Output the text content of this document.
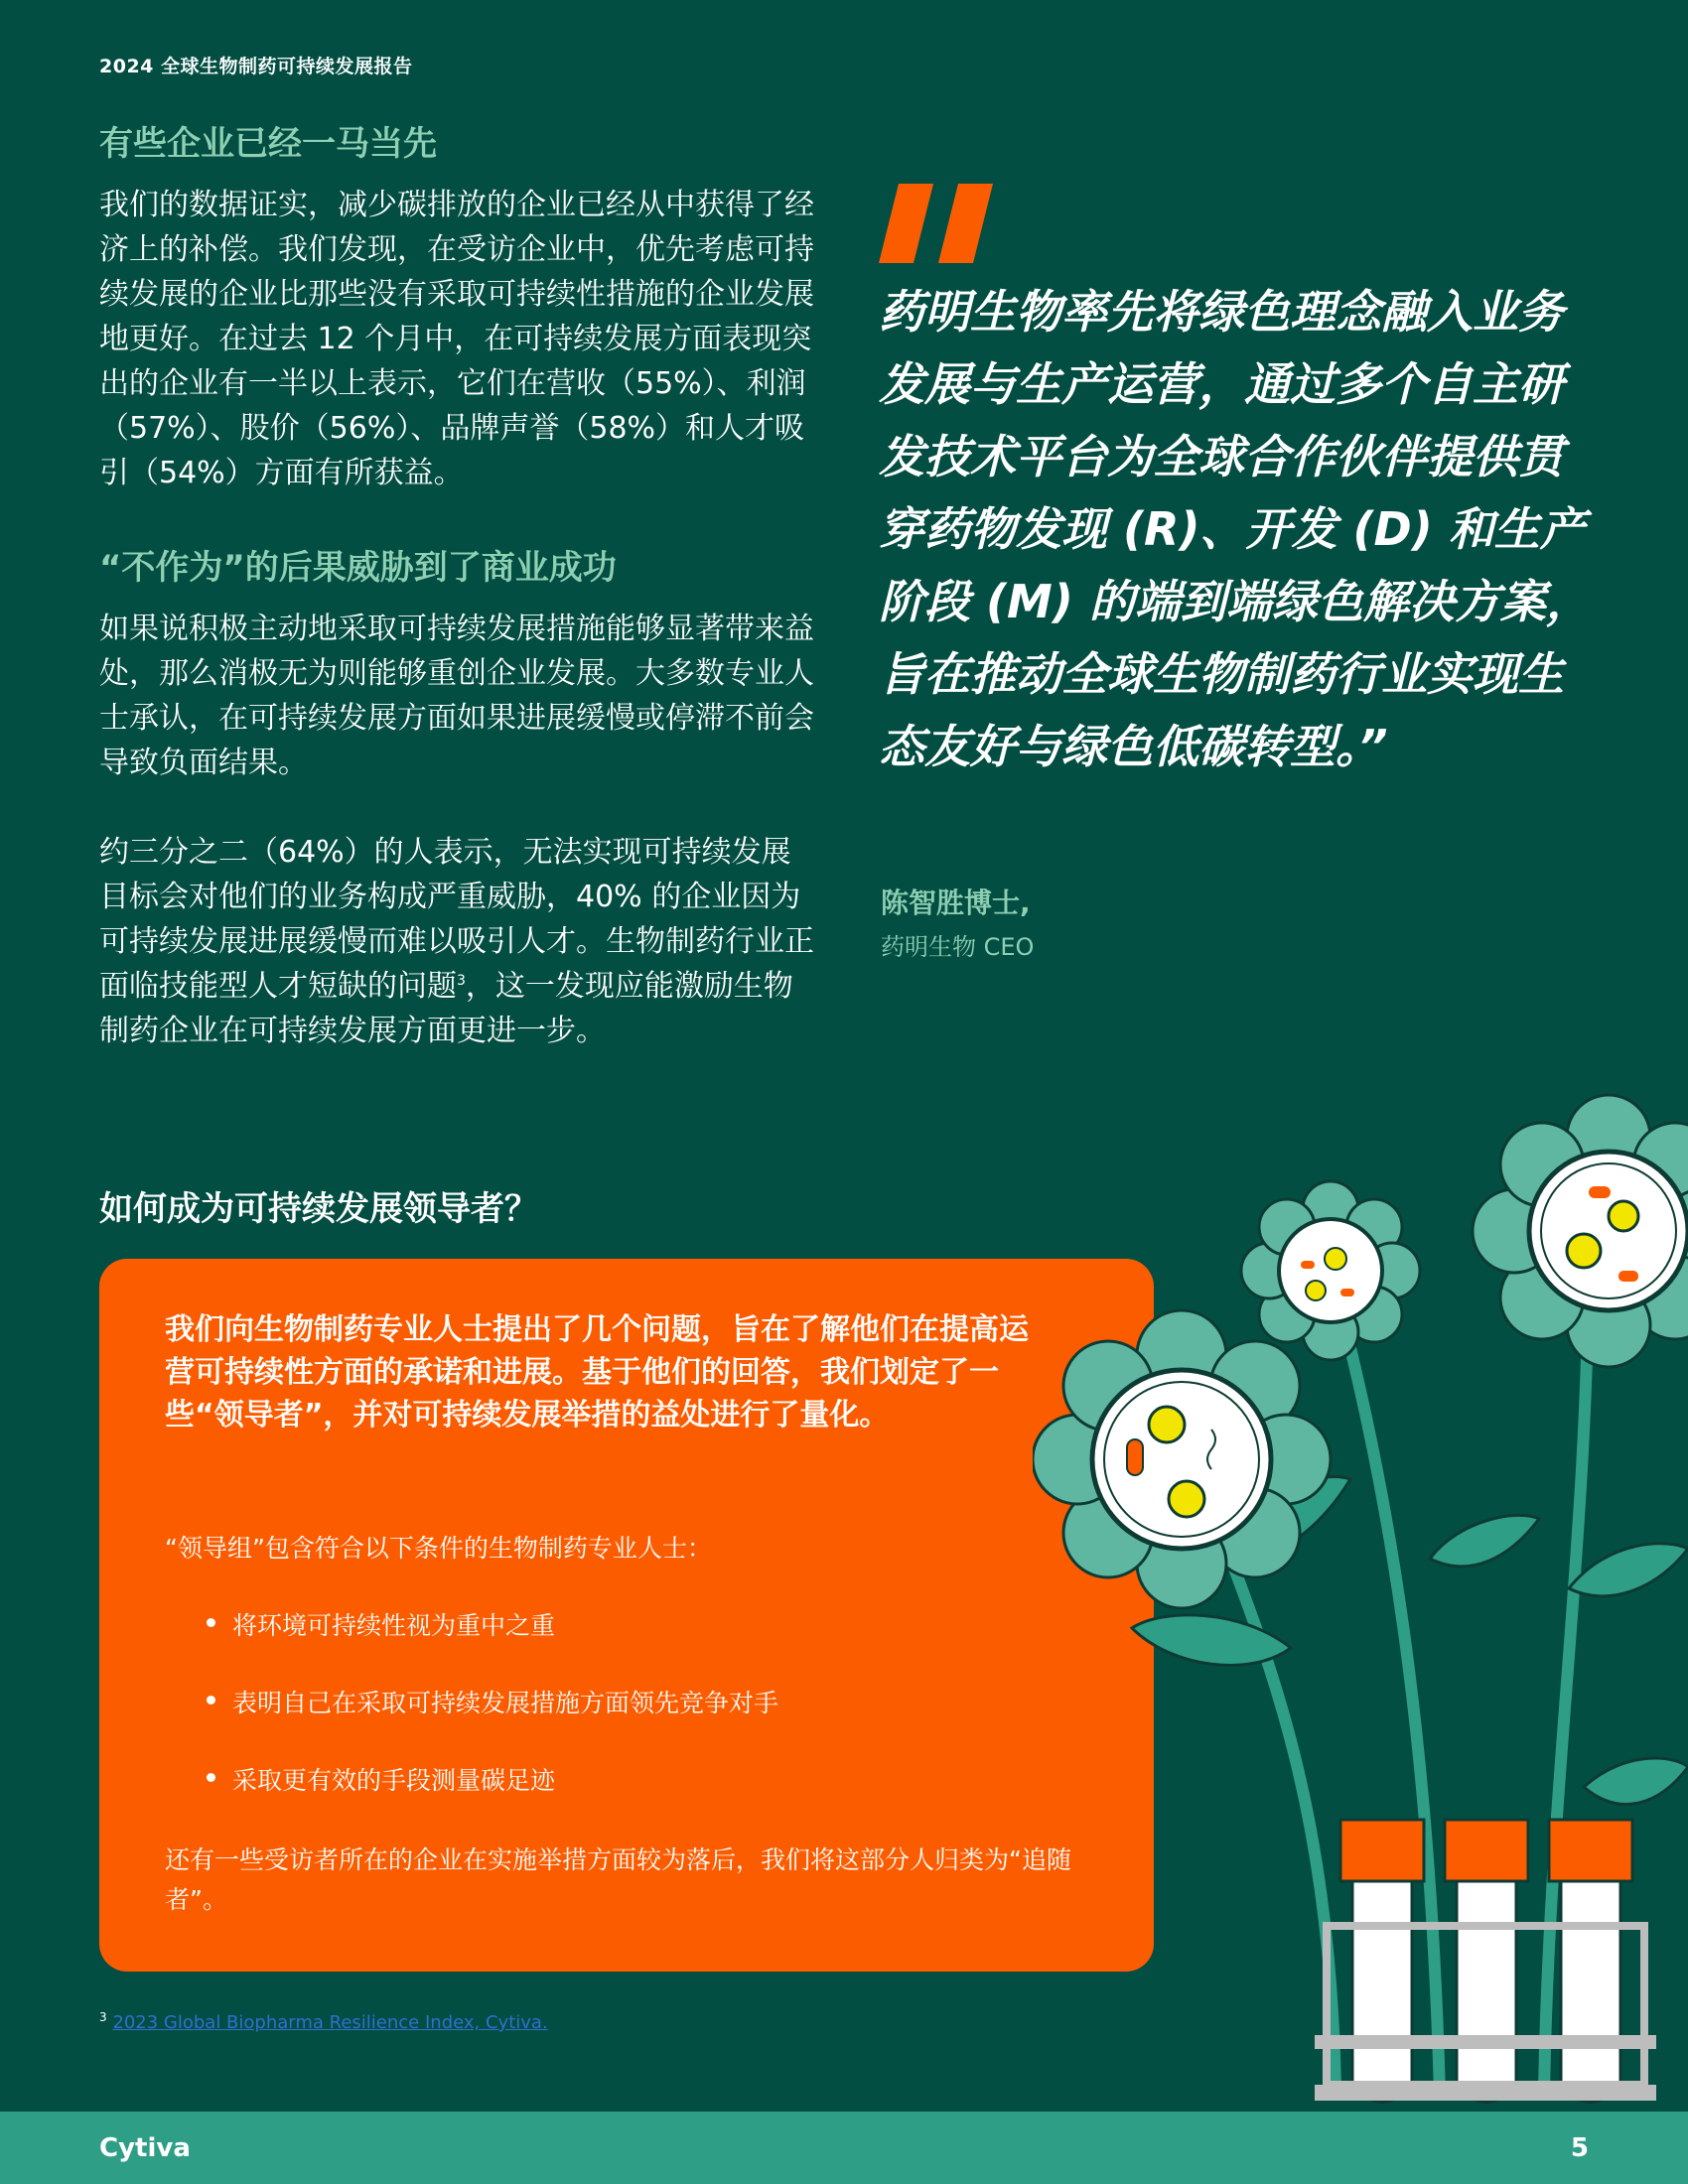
2024 全球生物制药可持续发展报告
有些企业已经一马当先

我们的数据证实，减少碳排放的企业已经从中获得了经济上的补偿。我们发现，在受访企业中，优先考虑可持续发展的企业比那些没有采取可持续性措施的企业发展地更好。在过去 12 个月中，在可持续发展方面表现突出的企业有一半以上表示，它们在营收（55%）、利润（57%）、股价（56%）、品牌声誉（58%）和人才吸引（54%）方面有所获益。

“不作为”的后果威胁到了商业成功

如果说积极主动地采取可持续发展措施能够显著带来益处，那么消极无为则能够重创企业发展。大多数专业人士承认，在可持续发展方面如果进展缓慢或停滞不前会导致负面结果。

约三分之二（64%）的人表示，无法实现可持续发展目标会对他们的业务构成严重威胁，40% 的企业因为可持续发展进展缓慢而难以吸引人才。生物制药行业正面临技能型人才短缺的问题$^3$，这一发现应能激励生物制药企业在可持续发展方面更进一步。

药明生物率先将绿色理念融入业务发展与生产运营，通过多个自主研发技术平台为全球合作伙伴提供贯穿药物发现 (R)、开发 (D) 和生产阶段 (M) 的端到端绿色解决方案，旨在推动全球生物制药行业实现生态友好与绿色低碳转型。”
陈智胜博士,
药明生物 CEO
如何成为可持续发展领导者？
我们向生物制药专业人士提出了几个问题，旨在了解他们在提高运营可持续性方面的承诺和进展。基于他们的回答，我们划定了一些“领导者”，并对可持续发展举措的益处进行了量化。
“领导组”包含符合以下条件的生物制药专业人士：
将环境可持续性视为重中之重
表明自己在采取可持续发展措施方面领先竞争对手
采取更有效的手段测量碳足迹
还有一些受访者所在的企业在实施举措方面较为落后，我们将这部分人归类为“追随者”。
$^3$ 2023 Global Biopharma Resilience Index, Cytiva.
Cytiva	5
